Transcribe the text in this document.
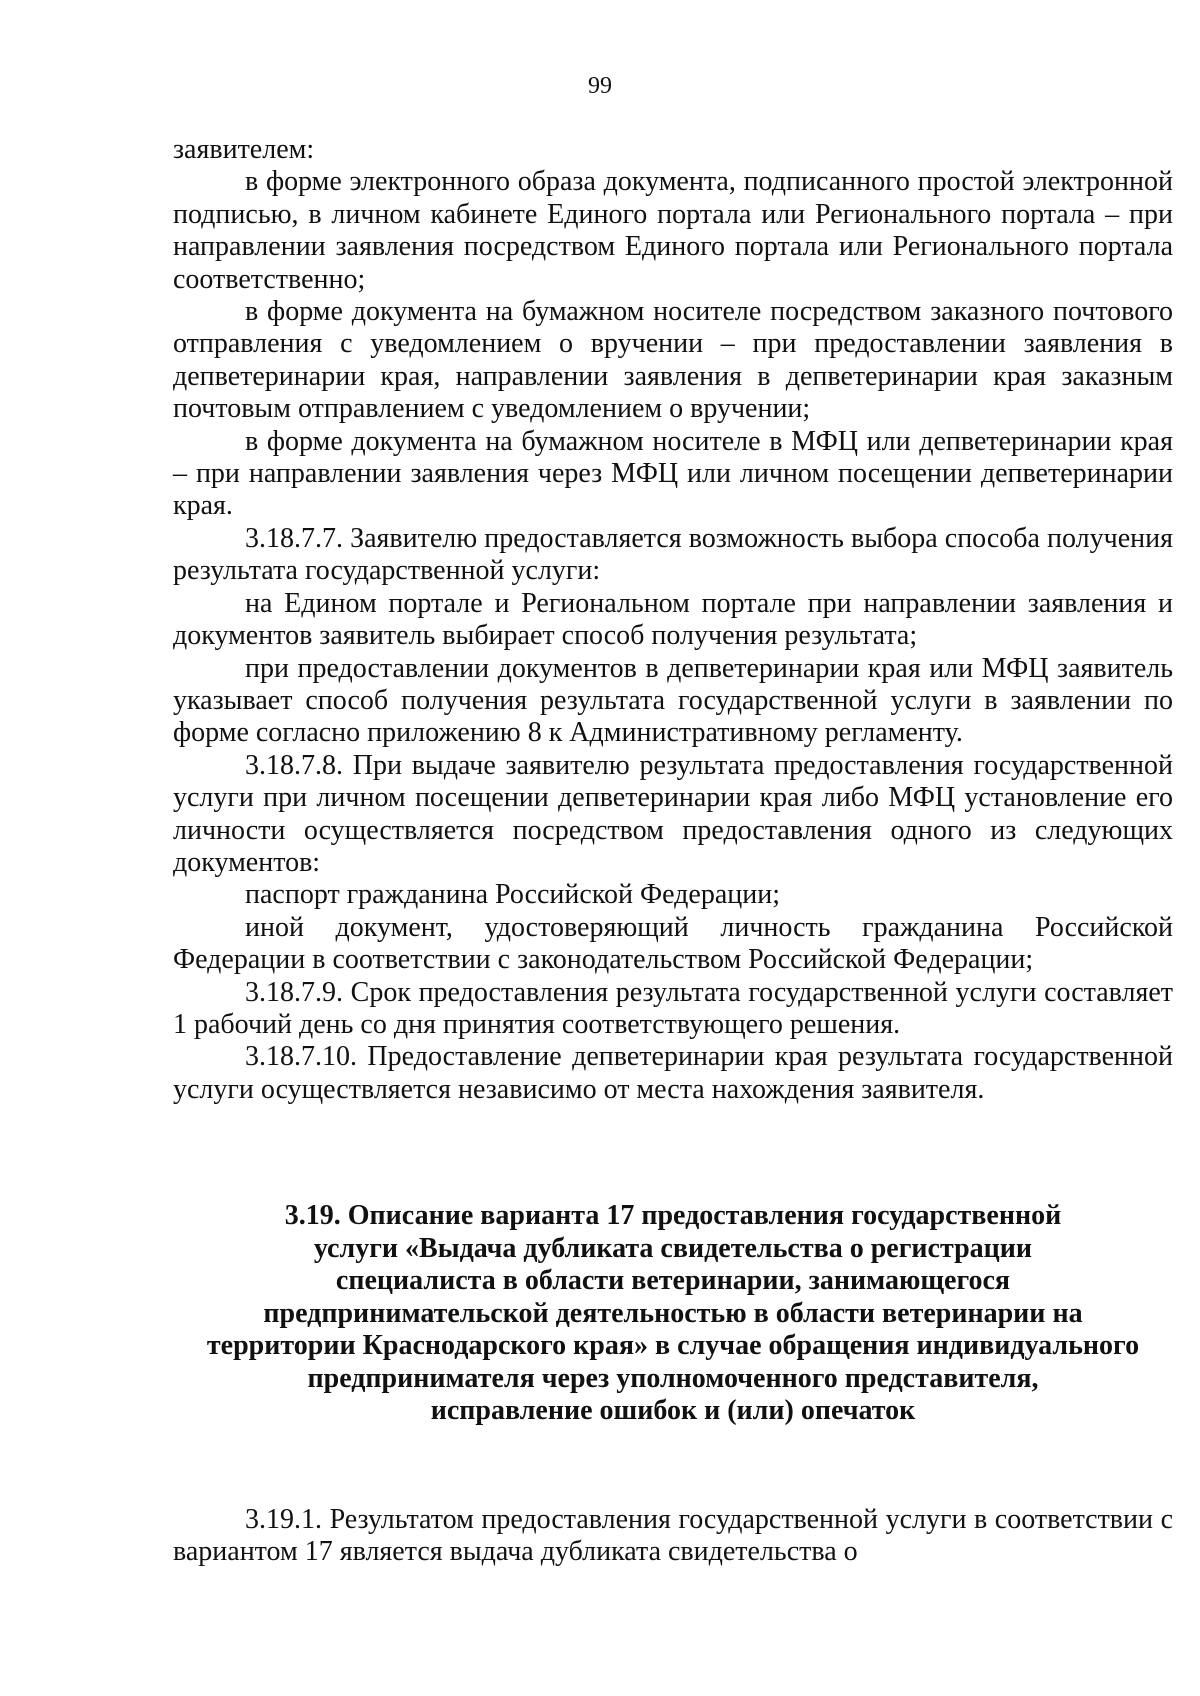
99

заявителем:

в форме электронного образа документа, подписанного простой электронной подписью, в личном кабинете Единого портала или Регионального портала – при направлении заявления посредством Единого портала или Регионального портала соответственно;

в форме документа на бумажном носителе посредством заказного почтового отправления с уведомлением о вручении – при предоставлении заявления в депветеринарии края, направлении заявления в депветеринарии края заказным почтовым отправлением с уведомлением о вручении;

в форме документа на бумажном носителе в МФЦ или депветеринарии края – при направлении заявления через МФЦ или личном посещении депветеринарии края.

3.18.7.7. Заявителю предоставляется возможность выбора способа получения результата государственной услуги:

на Едином портале и Региональном портале при направлении заявления и документов заявитель выбирает способ получения результата;

при предоставлении документов в депветеринарии края или МФЦ заявитель указывает способ получения результата государственной услуги в заявлении по форме согласно приложению 8 к Административному регламенту.

3.18.7.8. При выдаче заявителю результата предоставления государственной услуги при личном посещении депветеринарии края либо МФЦ установление его личности осуществляется посредством предоставления одного из следующих документов:

паспорт гражданина Российской Федерации;

иной документ, удостоверяющий личность гражданина Российской Федерации в соответствии с законодательством Российской Федерации;

3.18.7.9. Срок предоставления результата государственной услуги составляет 1 рабочий день со дня принятия соответствующего решения.

3.18.7.10. Предоставление депветеринарии края результата государственной услуги осуществляется независимо от места нахождения заявителя.

3.19. Описание варианта 17 предоставления государственной
услуги «Выдача дубликата свидетельства о регистрации
специалиста в области ветеринарии, занимающегося
предпринимательской деятельностью в области ветеринарии на
территории Краснодарского края» в случае обращения индивидуального
предпринимателя через уполномоченного представителя,
исправление ошибок и (или) опечаток

3.19.1. Результатом предоставления государственной услуги в соответствии с вариантом 17 является выдача дубликата свидетельства о
